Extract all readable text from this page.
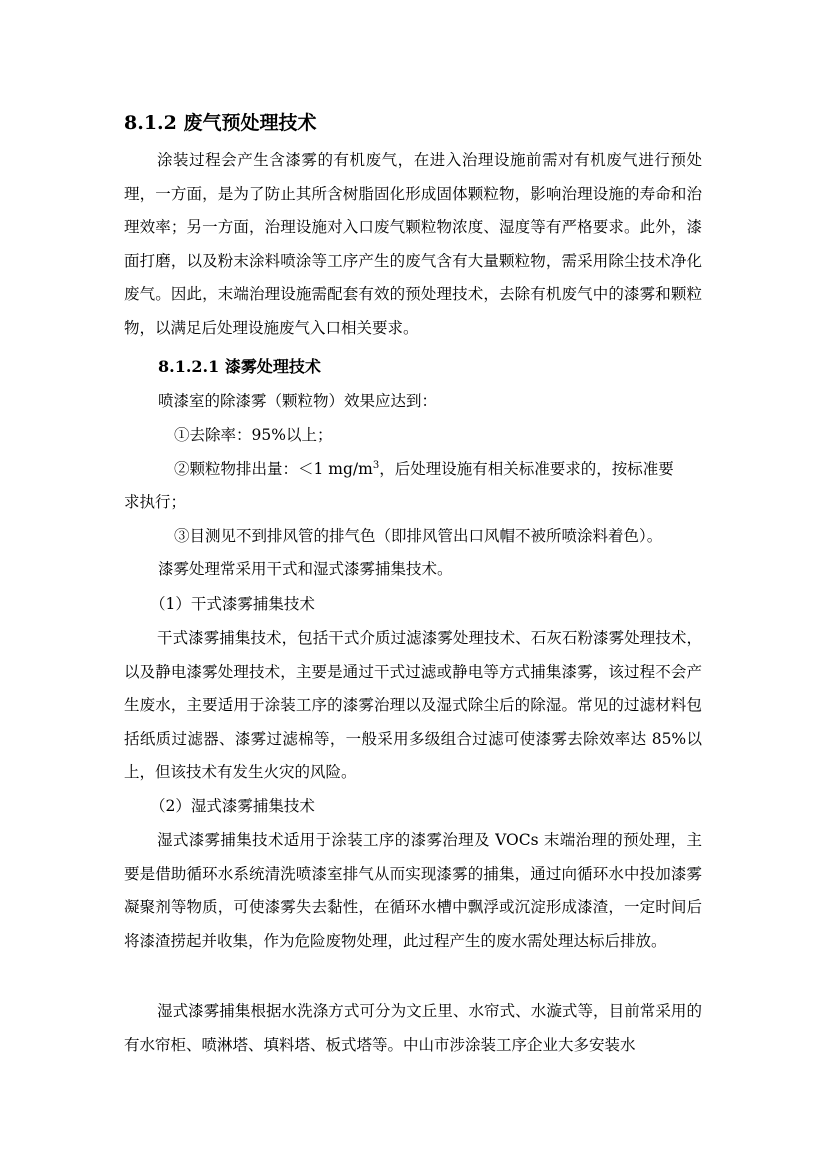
8.1.2 废气预处理技术
涂装过程会产生含漆雾的有机废气，在进入治理设施前需对有机废气进行预处理，一方面，是为了防止其所含树脂固化形成固体颗粒物，影响治理设施的寿命和治理效率；另一方面，治理设施对入口废气颗粒物浓度、湿度等有严格要求。此外，漆面打磨，以及粉末涂料喷涂等工序产生的废气含有大量颗粒物，需采用除尘技术净化废气。因此，末端治理设施需配套有效的预处理技术，去除有机废气中的漆雾和颗粒物，以满足后处理设施废气入口相关要求。
8.1.2.1 漆雾处理技术
喷漆室的除漆雾（颗粒物）效果应达到：
①去除率：95%以上；
②颗粒物排出量：＜1 $mg/m^3$，后处理设施有相关标准要求的，按标准要
求执行；
③目测见不到排风管的排气色（即排风管出口风帽不被所喷涂料着色）。
漆雾处理常采用干式和湿式漆雾捕集技术。
（1）干式漆雾捕集技术
干式漆雾捕集技术，包括干式介质过滤漆雾处理技术、石灰石粉漆雾处理技术，以及静电漆雾处理技术，主要是通过干式过滤或静电等方式捕集漆雾，该过程不会产生废水，主要适用于涂装工序的漆雾治理以及湿式除尘后的除湿。常见的过滤材料包括纸质过滤器、漆雾过滤棉等，一般采用多级组合过滤可使漆雾去除效率达 85%以上，但该技术有发生火灾的风险。
（2）湿式漆雾捕集技术
湿式漆雾捕集技术适用于涂装工序的漆雾治理及 VOCs 末端治理的预处理，主要是借助循环水系统清洗喷漆室排气从而实现漆雾的捕集，通过向循环水中投加漆雾凝聚剂等物质，可使漆雾失去黏性，在循环水槽中飘浮或沉淀形成漆渣，一定时间后将漆渣捞起并收集，作为危险废物处理，此过程产生的废水需处理达标后排放。
湿式漆雾捕集根据水洗涤方式可分为文丘里、水帘式、水漩式等，目前常采用的有水帘柜、喷淋塔、填料塔、板式塔等。中山市涉涂装工序企业大多安装水
